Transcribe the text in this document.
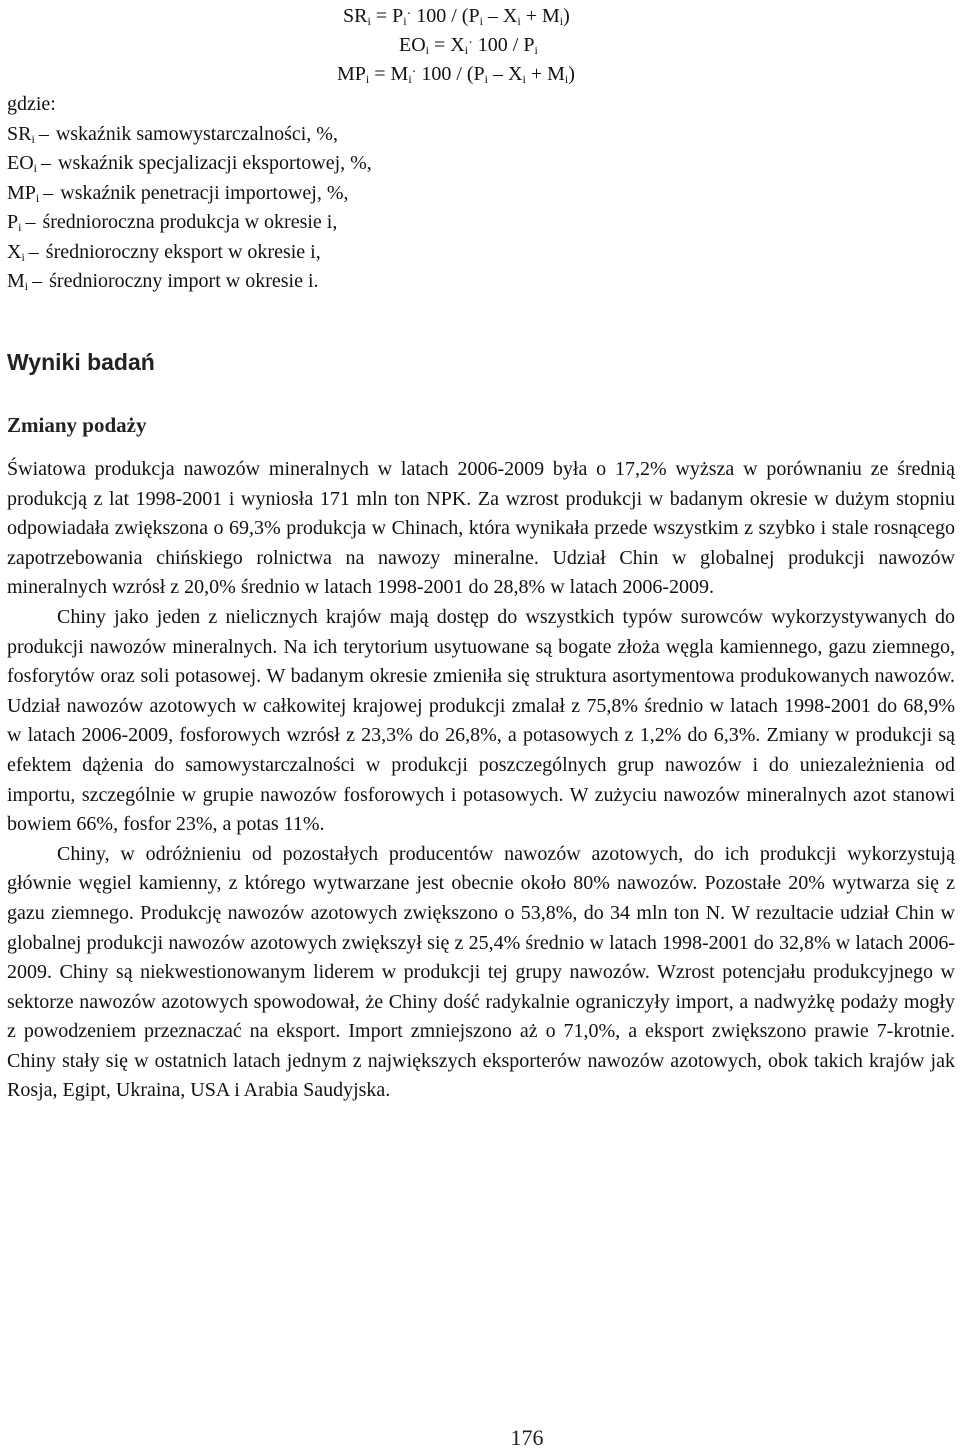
$SR_i = P_i^\cdot$ $100 / (P_i - X_i + M_i)$
$EO_i = X_i^\cdot$ $100 / P_i$
$MP_i = M_i^\cdot$ $100 / (P_i - X_i + M_i)$
gdzie:
$SR_i$ – wskaźnik samowystarczalności, %,
$EO_i$ – wskaźnik specjalizacji eksportowej, %,
$MP_i$ – wskaźnik penetracji importowej, %,
$P_i$ – średnioroczna produkcja w okresie i,
$X_i$ – średnioroczny eksport w okresie i,
$M_i$ – średnioroczny import w okresie i.
Wyniki badań
Zmiany podaży

Światowa produkcja nawozów mineralnych w latach 2006-2009 była o 17,2% wyższa w porównaniu ze średnią produkcją z lat 1998-2001 i wyniosła 171 mln ton NPK. Za wzrost produkcji w badanym okresie w dużym stopniu odpowiadała zwiększona o 69,3% produkcja w Chinach, która wynikała przede wszystkim z szybko i stale rosnącego zapotrzebowania chińskiego rolnictwa na nawozy mineralne. Udział Chin w globalnej produkcji nawozów mineralnych wzrósł z 20,0% średnio w latach 1998-2001 do 28,8% w latach 2006-2009.

Chiny jako jeden z nielicznych krajów mają dostęp do wszystkich typów surowców wykorzystywanych do produkcji nawozów mineralnych. Na ich terytorium usytuowane są bogate złoża węgla kamiennego, gazu ziemnego, fosforytów oraz soli potasowej. W badanym okresie zmieniła się struktura asortymentowa produkowanych nawozów. Udział nawozów azotowych w całkowitej krajowej produkcji zmalał z 75,8% średnio w latach 1998-2001 do 68,9% w latach 2006-2009, fosforowych wzrósł z 23,3% do 26,8%, a potasowych z 1,2% do 6,3%. Zmiany w produkcji są efektem dążenia do samowystarczalności w produkcji poszczególnych grup nawozów i do uniezależnienia od importu, szczególnie w grupie nawozów fosforowych i potasowych. W zużyciu nawozów mineralnych azot stanowi bowiem 66%, fosfor 23%, a potas 11%.

Chiny, w odróżnieniu od pozostałych producentów nawozów azotowych, do ich produkcji wykorzystują głównie węgiel kamienny, z którego wytwarzane jest obecnie około 80% nawozów. Pozostałe 20% wytwarza się z gazu ziemnego. Produkcję nawozów azotowych zwiększono o 53,8%, do 34 mln ton N. W rezultacie udział Chin w globalnej produkcji nawozów azotowych zwiększył się z 25,4% średnio w latach 1998-2001 do 32,8% w latach 2006-2009. Chiny są niekwestionowanym liderem w produkcji tej grupy nawozów. Wzrost potencjału produkcyjnego w sektorze nawozów azotowych spowodował, że Chiny dość radykalnie ograniczyły import, a nadwyżkę podaży mogły z powodzeniem przeznaczać na eksport. Import zmniejszono aż o 71,0%, a eksport zwiększono prawie 7-krotnie. Chiny stały się w ostatnich latach jednym z największych eksporterów nawozów azotowych, obok takich krajów jak Rosja, Egipt, Ukraina, USA i Arabia Saudyjska.

176
